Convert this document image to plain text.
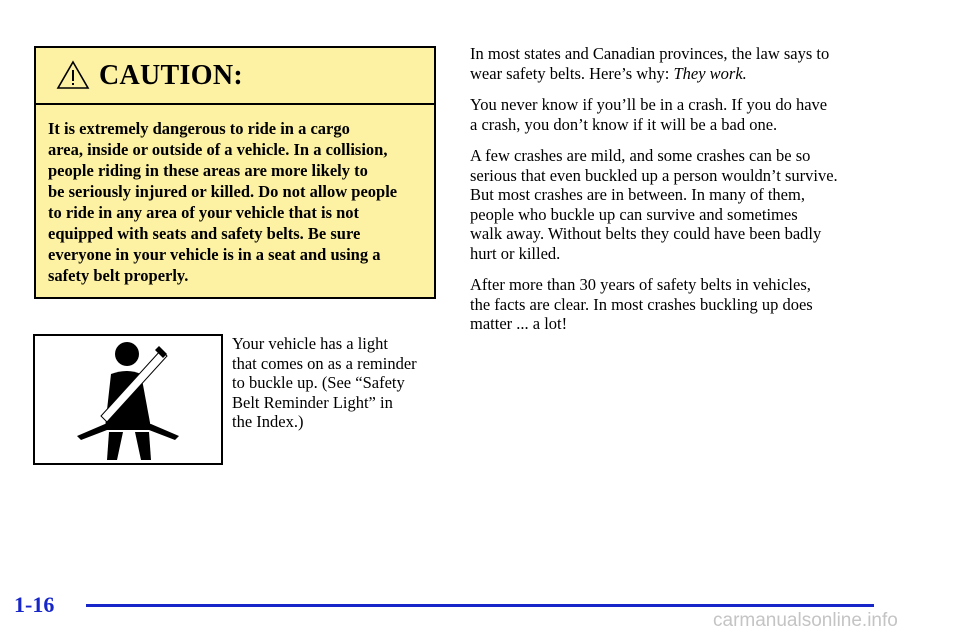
CAUTION:
It is extremely dangerous to ride in a cargo
area, inside or outside of a vehicle. In a collision,
people riding in these areas are more likely to
be seriously injured or killed. Do not allow people
to ride in any area of your vehicle that is not
equipped with seats and safety belts. Be sure
everyone in your vehicle is in a seat and using a
safety belt properly.
Your vehicle has a light
that comes on as a reminder
to buckle up. (See “Safety
Belt Reminder Light” in
the Index.)

In most states and Canadian provinces, the law says to
wear safety belts. Here’s why: They work.

You never know if you’ll be in a crash. If you do have
a crash, you don’t know if it will be a bad one.

A few crashes are mild, and some crashes can be so
serious that even buckled up a person wouldn’t survive.
But most crashes are in between. In many of them,
people who buckle up can survive and sometimes
walk away. Without belts they could have been badly
hurt or killed.

After more than 30 years of safety belts in vehicles,
the facts are clear. In most crashes buckling up does
matter ... a lot!

1-16
carmanualsonline.info
